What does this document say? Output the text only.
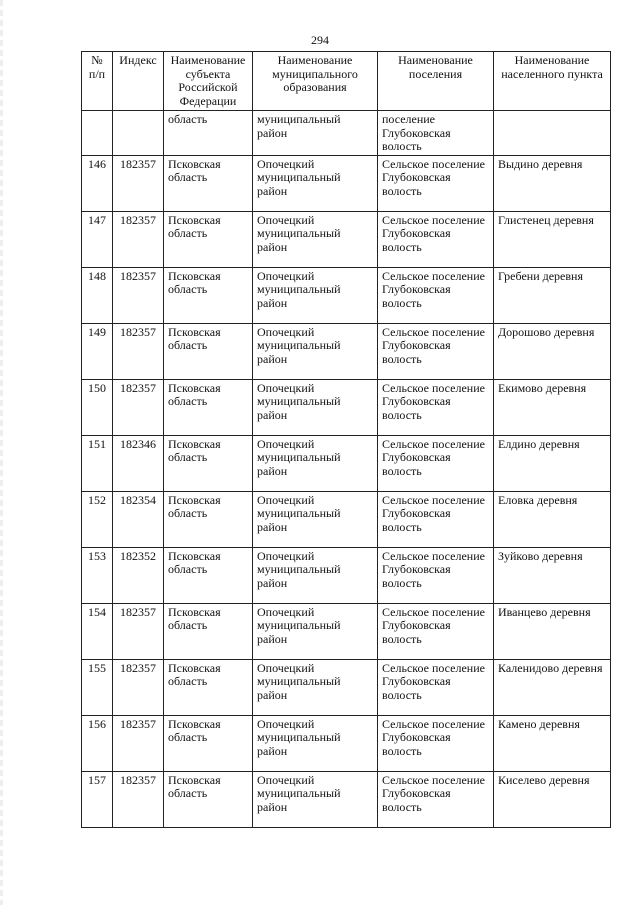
294
№ п/п	Индекс	Наименование субъекта Российской Федерации	Наименование муниципального образования	Наименование поселения	Наименование населенного пункта
		область	муниципальный район	поселение Глубоковская волость	
146	182357	Псковская область	Опочецкий муниципальный район	Сельское поселение Глубоковская волость	Выдино деревня
147	182357	Псковская область	Опочецкий муниципальный район	Сельское поселение Глубоковская волость	Глистенец деревня
148	182357	Псковская область	Опочецкий муниципальный район	Сельское поселение Глубоковская волость	Гребени деревня
149	182357	Псковская область	Опочецкий муниципальный район	Сельское поселение Глубоковская волость	Дорошово деревня
150	182357	Псковская область	Опочецкий муниципальный район	Сельское поселение Глубоковская волость	Екимово деревня
151	182346	Псковская область	Опочецкий муниципальный район	Сельское поселение Глубоковская волость	Елдино деревня
152	182354	Псковская область	Опочецкий муниципальный район	Сельское поселение Глубоковская волость	Еловка деревня
153	182352	Псковская область	Опочецкий муниципальный район	Сельское поселение Глубоковская волость	Зуйково деревня
154	182357	Псковская область	Опочецкий муниципальный район	Сельское поселение Глубоковская волость	Иванцево деревня
155	182357	Псковская область	Опочецкий муниципальный район	Сельское поселение Глубоковская волость	Каленидово деревня
156	182357	Псковская область	Опочецкий муниципальный район	Сельское поселение Глубоковская волость	Камено деревня
157	182357	Псковская область	Опочецкий муниципальный район	Сельское поселение Глубоковская волость	Киселево деревня
